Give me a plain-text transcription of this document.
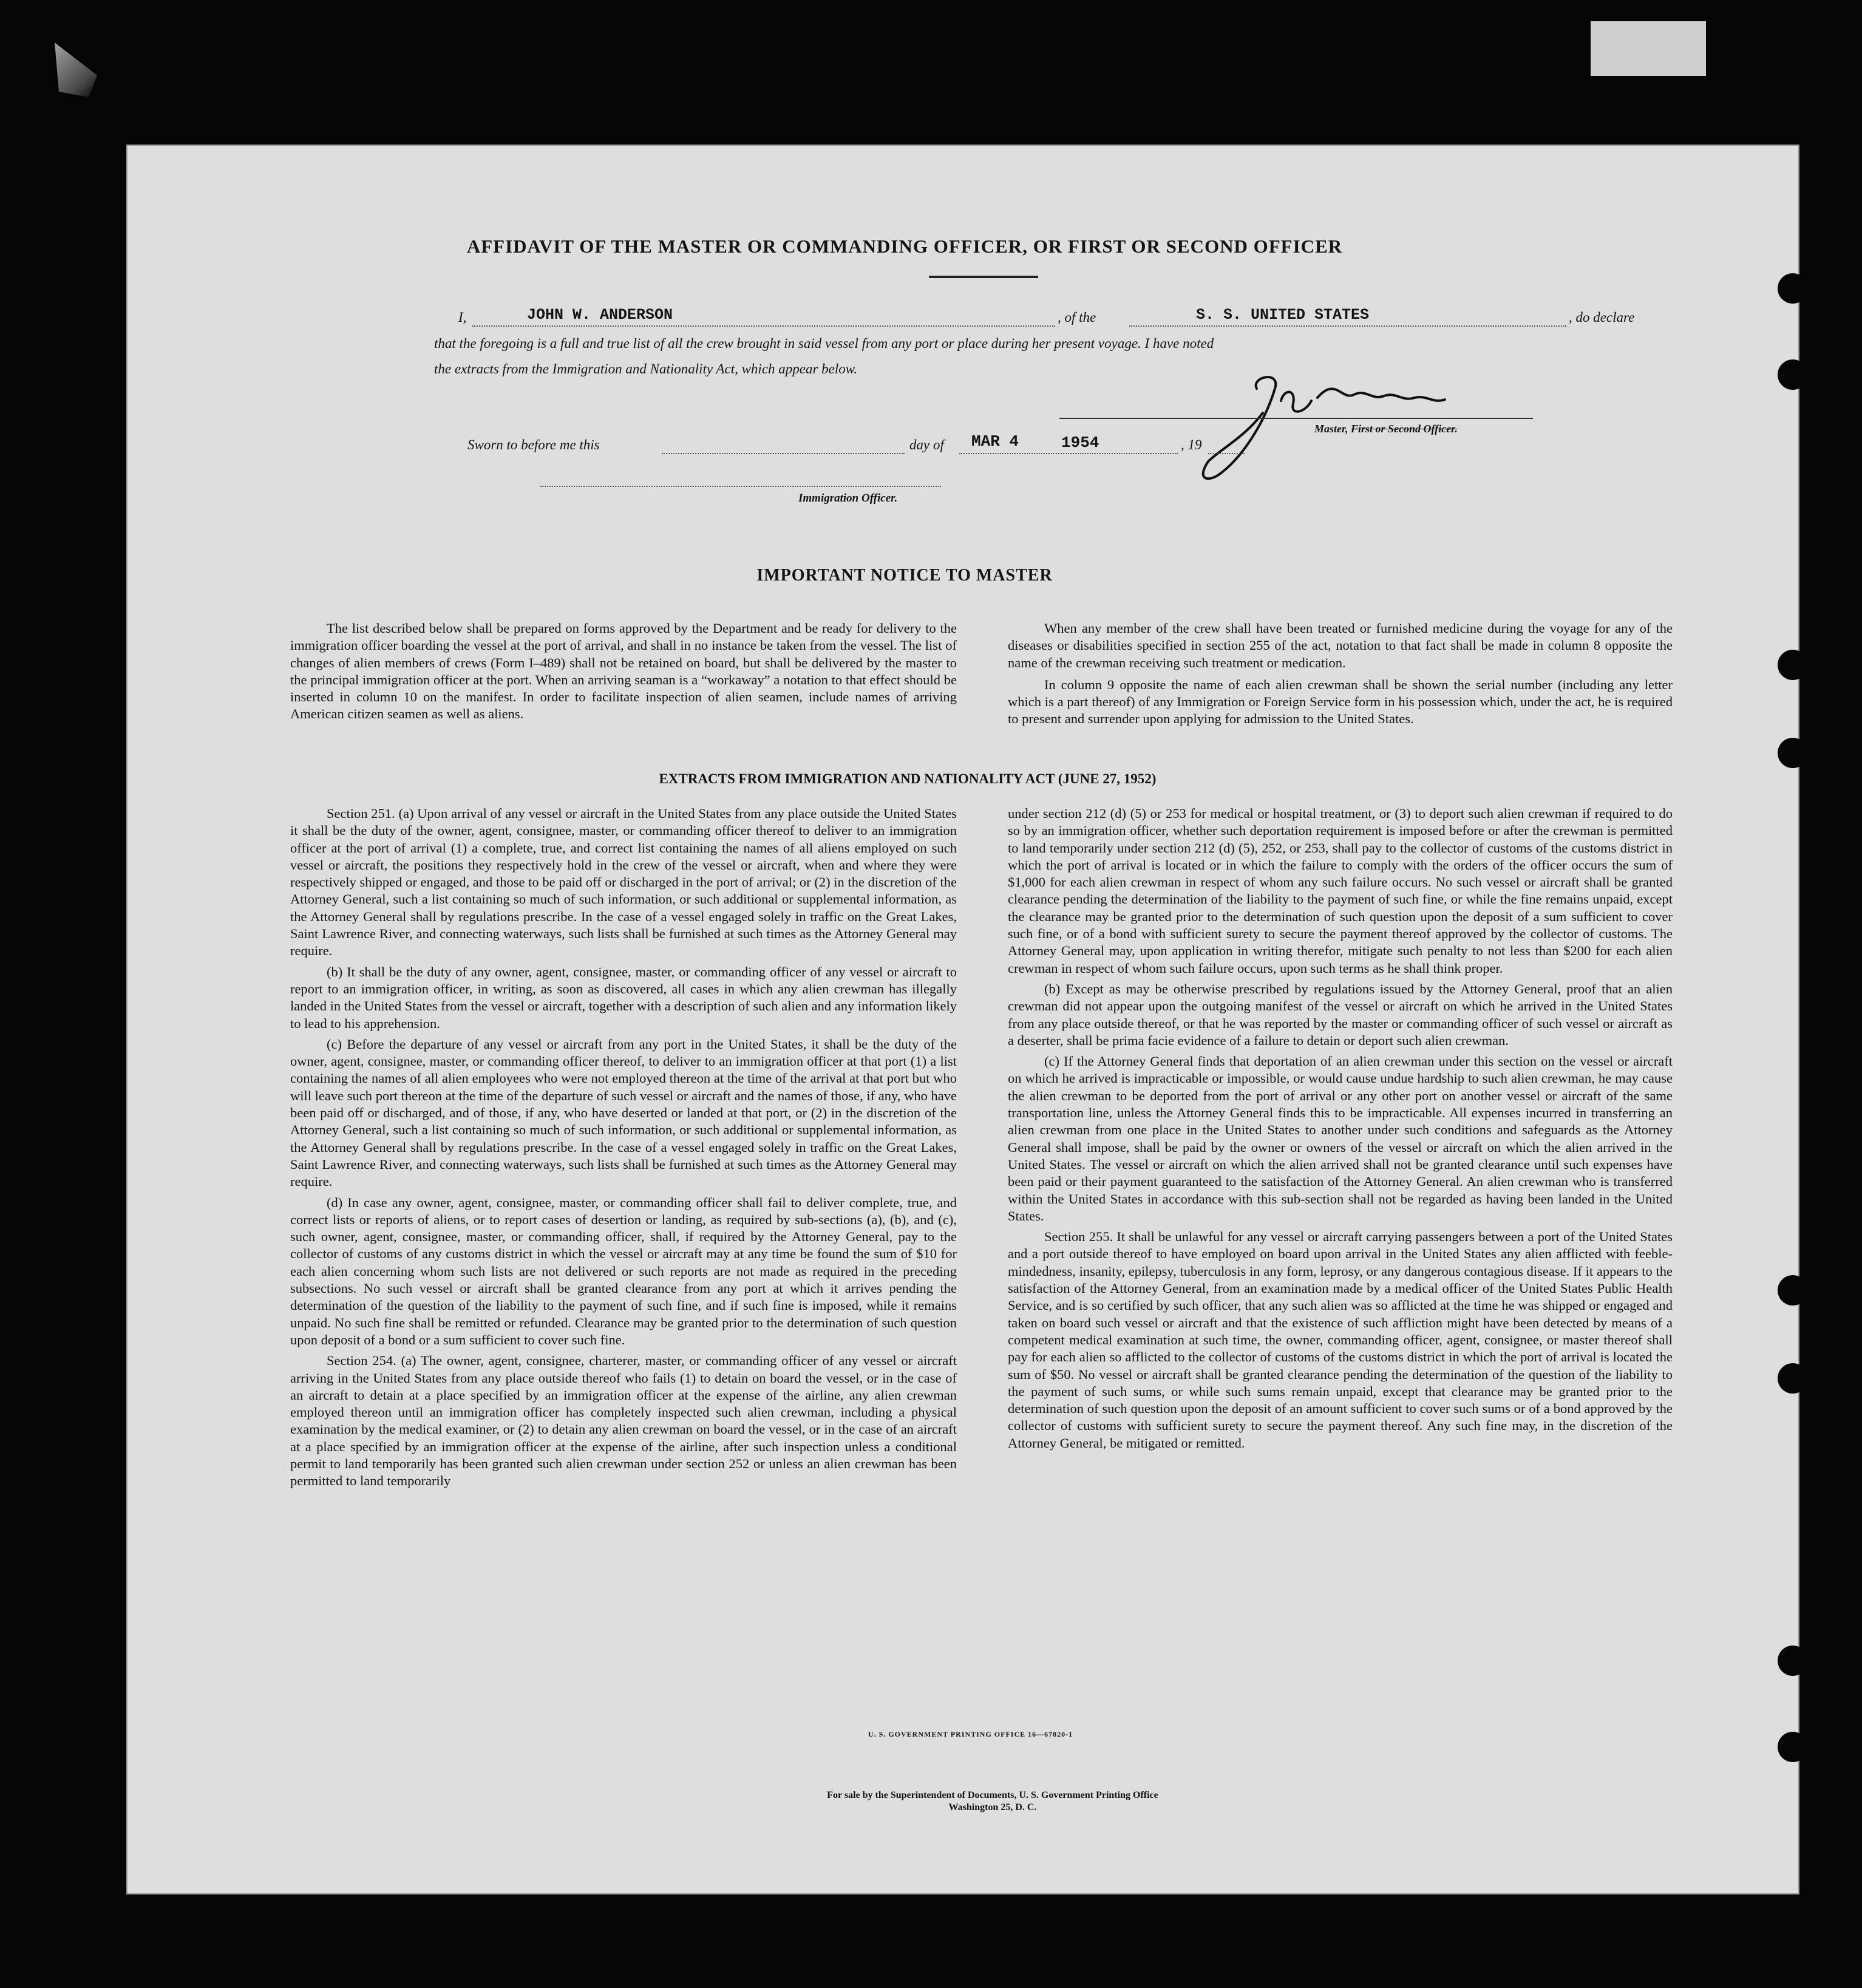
AFFIDAVIT OF THE MASTER OR COMMANDING OFFICER, OR FIRST OR SECOND OFFICER
I,	JOHN W. ANDERSON	, of the	S. S. UNITED STATES	, do declare
that the foregoing is a full and true list of all the crew brought in said vessel from any port or place during her present voyage. I have noted
the extracts from the Immigration and Nationality Act, which appear below.
Master, First or Second Officer.
Sworn to before me this	day of MAR 4	1954	, 19
Immigration Officer.
IMPORTANT NOTICE TO MASTER

The list described below shall be prepared on forms approved by the Department and be ready for delivery to the immigration officer boarding the vessel at the port of arrival, and shall in no instance be taken from the vessel. The list of changes of alien members of crews (Form I–489) shall not be retained on board, but shall be delivered by the master to the principal immigration officer at the port. When an arriving seaman is a “workaway” a notation to that effect should be inserted in column 10 on the manifest. In order to facilitate inspection of alien seamen, include names of arriving American citizen seamen as well as aliens.

When any member of the crew shall have been treated or furnished medicine during the voyage for any of the diseases or disabilities specified in section 255 of the act, notation to that fact shall be made in column 8 opposite the name of the crewman receiving such treatment or medication.

In column 9 opposite the name of each alien crewman shall be shown the serial number (including any letter which is a part thereof) of any Immigration or Foreign Service form in his possession which, under the act, he is required to present and surrender upon applying for admission to the United States.

EXTRACTS FROM IMMIGRATION AND NATIONALITY ACT (JUNE 27, 1952)

Section 251. (a) Upon arrival of any vessel or aircraft in the United States from any place outside the United States it shall be the duty of the owner, agent, consignee, master, or commanding officer thereof to deliver to an immigration officer at the port of arrival (1) a complete, true, and correct list containing the names of all aliens employed on such vessel or aircraft, the positions they respectively hold in the crew of the vessel or aircraft, when and where they were respectively shipped or engaged, and those to be paid off or discharged in the port of arrival; or (2) in the discretion of the Attorney General, such a list containing so much of such information, or such additional or supplemental information, as the Attorney General shall by regulations prescribe. In the case of a vessel engaged solely in traffic on the Great Lakes, Saint Lawrence River, and connecting waterways, such lists shall be furnished at such times as the Attorney General may require.

(b) It shall be the duty of any owner, agent, consignee, master, or commanding officer of any vessel or aircraft to report to an immigration officer, in writing, as soon as discovered, all cases in which any alien crewman has illegally landed in the United States from the vessel or aircraft, together with a description of such alien and any information likely to lead to his apprehension.

(c) Before the departure of any vessel or aircraft from any port in the United States, it shall be the duty of the owner, agent, consignee, master, or commanding officer thereof, to deliver to an immigration officer at that port (1) a list containing the names of all alien employees who were not employed thereon at the time of the arrival at that port but who will leave such port thereon at the time of the departure of such vessel or aircraft and the names of those, if any, who have been paid off or discharged, and of those, if any, who have deserted or landed at that port, or (2) in the discretion of the Attorney General, such a list containing so much of such information, or such additional or supplemental information, as the Attorney General shall by regulations prescribe. In the case of a vessel engaged solely in traffic on the Great Lakes, Saint Lawrence River, and connecting waterways, such lists shall be furnished at such times as the Attorney General may require.

(d) In case any owner, agent, consignee, master, or commanding officer shall fail to deliver complete, true, and correct lists or reports of aliens, or to report cases of desertion or landing, as required by sub-sections (a), (b), and (c), such owner, agent, consignee, master, or commanding officer, shall, if required by the Attorney General, pay to the collector of customs of any customs district in which the vessel or aircraft may at any time be found the sum of $10 for each alien concerning whom such lists are not delivered or such reports are not made as required in the preceding subsections. No such vessel or aircraft shall be granted clearance from any port at which it arrives pending the determination of the question of the liability to the payment of such fine, and if such fine is imposed, while it remains unpaid. No such fine shall be remitted or refunded. Clearance may be granted prior to the determination of such question upon deposit of a bond or a sum sufficient to cover such fine.

Section 254. (a) The owner, agent, consignee, charterer, master, or commanding officer of any vessel or aircraft arriving in the United States from any place outside thereof who fails (1) to detain on board the vessel, or in the case of an aircraft to detain at a place specified by an immigration officer at the expense of the airline, any alien crewman employed thereon until an immigration officer has completely inspected such alien crewman, including a physical examination by the medical examiner, or (2) to detain any alien crewman on board the vessel, or in the case of an aircraft at a place specified by an immigration officer at the expense of the airline, after such inspection unless a conditional permit to land temporarily has been granted such alien crewman under section 252 or unless an alien crewman has been permitted to land temporarily

under section 212 (d) (5) or 253 for medical or hospital treatment, or (3) to deport such alien crewman if required to do so by an immigration officer, whether such deportation requirement is imposed before or after the crewman is permitted to land temporarily under section 212 (d) (5), 252, or 253, shall pay to the collector of customs of the customs district in which the port of arrival is located or in which the failure to comply with the orders of the officer occurs the sum of $1,000 for each alien crewman in respect of whom any such failure occurs. No such vessel or aircraft shall be granted clearance pending the determination of the liability to the payment of such fine, or while the fine remains unpaid, except the clearance may be granted prior to the determination of such question upon the deposit of a sum sufficient to cover such fine, or of a bond with sufficient surety to secure the payment thereof approved by the collector of customs. The Attorney General may, upon application in writing therefor, mitigate such penalty to not less than $200 for each alien crewman in respect of whom such failure occurs, upon such terms as he shall think proper.

(b) Except as may be otherwise prescribed by regulations issued by the Attorney General, proof that an alien crewman did not appear upon the outgoing manifest of the vessel or aircraft on which he arrived in the United States from any place outside thereof, or that he was reported by the master or commanding officer of such vessel or aircraft as a deserter, shall be prima facie evidence of a failure to detain or deport such alien crewman.

(c) If the Attorney General finds that deportation of an alien crewman under this section on the vessel or aircraft on which he arrived is impracticable or impossible, or would cause undue hardship to such alien crewman, he may cause the alien crewman to be deported from the port of arrival or any other port on another vessel or aircraft of the same transportation line, unless the Attorney General finds this to be impracticable. All expenses incurred in transferring an alien crewman from one place in the United States to another under such conditions and safeguards as the Attorney General shall impose, shall be paid by the owner or owners of the vessel or aircraft on which the alien arrived in the United States. The vessel or aircraft on which the alien arrived shall not be granted clearance until such expenses have been paid or their payment guaranteed to the satisfaction of the Attorney General. An alien crewman who is transferred within the United States in accordance with this sub-section shall not be regarded as having been landed in the United States.

Section 255. It shall be unlawful for any vessel or aircraft carrying passengers between a port of the United States and a port outside thereof to have employed on board upon arrival in the United States any alien afflicted with feeble-mindedness, insanity, epilepsy, tuberculosis in any form, leprosy, or any dangerous contagious disease. If it appears to the satisfaction of the Attorney General, from an examination made by a medical officer of the United States Public Health Service, and is so certified by such officer, that any such alien was so afflicted at the time he was shipped or engaged and taken on board such vessel or aircraft and that the existence of such affliction might have been detected by means of a competent medical examination at such time, the owner, commanding officer, agent, consignee, or master thereof shall pay for each alien so afflicted to the collector of customs of the customs district in which the port of arrival is located the sum of $50. No vessel or aircraft shall be granted clearance pending the determination of the question of the liability to the payment of such sums, or while such sums remain unpaid, except that clearance may be granted prior to the determination of such question upon the deposit of an amount sufficient to cover such sums or of a bond approved by the collector of customs with sufficient surety to secure the payment thereof. Any such fine may, in the discretion of the Attorney General, be mitigated or remitted.

U. S. GOVERNMENT PRINTING OFFICE 16—67820-1
For sale by the Superintendent of Documents, U. S. Government Printing Office
Washington 25, D. C.
